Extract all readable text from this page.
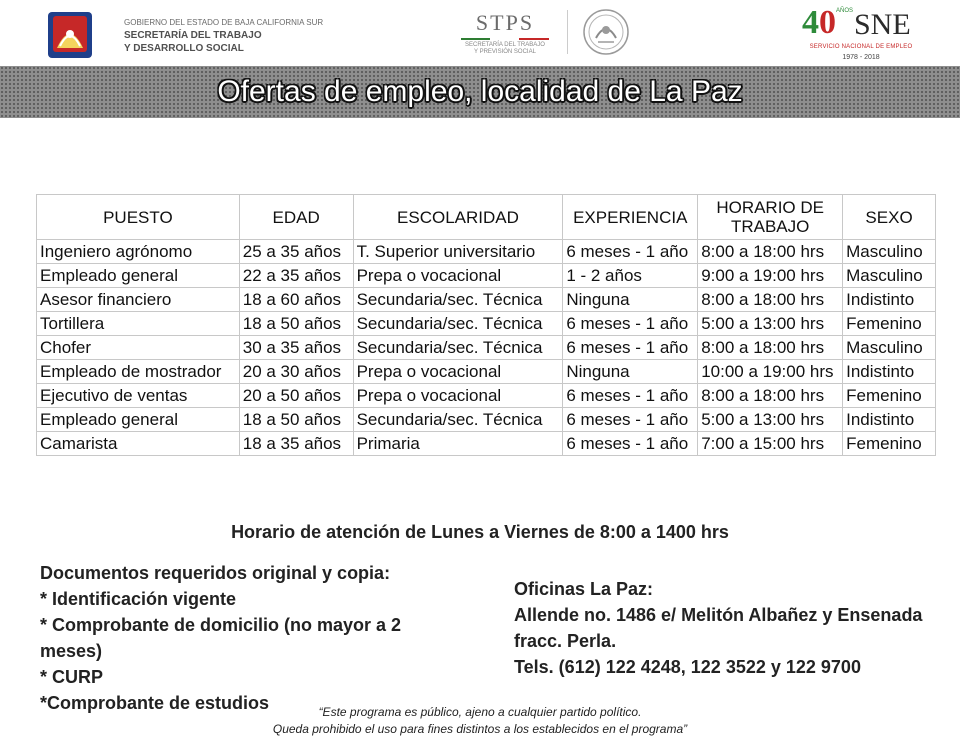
GOBIERNO DEL ESTADO DE BAJA CALIFORNIA SUR
SECRETARÍA DEL TRABAJO
Y DESARROLLO SOCIAL
STPS
SECRETARÍA DEL TRABAJO
Y PREVISIÓN SOCIAL
40 AÑOS SNE
SERVICIO NACIONAL DE EMPLEO
1978 - 2018
Ofertas de empleo, localidad de La Paz
PUESTO	EDAD	ESCOLARIDAD	EXPERIENCIA	HORARIO DE TRABAJO	SEXO
Ingeniero agrónomo	25 a 35 años	T. Superior universitario	6 meses - 1 año	8:00 a 18:00 hrs	Masculino
Empleado general	22 a 35 años	Prepa o vocacional	1 - 2 años	9:00 a 19:00 hrs	Masculino
Asesor financiero	18 a 60 años	Secundaria/sec. Técnica	Ninguna	8:00 a 18:00 hrs	Indistinto
Tortillera	18 a 50 años	Secundaria/sec. Técnica	6 meses - 1 año	5:00 a 13:00 hrs	Femenino
Chofer	30 a 35 años	Secundaria/sec. Técnica	6 meses - 1 año	8:00 a 18:00 hrs	Masculino
Empleado de mostrador	20 a 30 años	Prepa o vocacional	Ninguna	10:00 a 19:00 hrs	Indistinto
Ejecutivo de ventas	20 a 50 años	Prepa o vocacional	6 meses - 1 año	8:00 a 18:00 hrs	Femenino
Empleado general	18 a 50 años	Secundaria/sec. Técnica	6 meses - 1 año	5:00 a 13:00 hrs	Indistinto
Camarista	18 a 35 años	Primaria	6 meses - 1 año	7:00 a 15:00 hrs	Femenino
Horario de atención de Lunes a Viernes de 8:00 a 1400 hrs
Documentos requeridos original y copia:
* Identificación vigente
* Comprobante de domicilio (no mayor a 2 meses)
* CURP
*Comprobante de estudios
Oficinas La Paz:
Allende no. 1486 e/ Melitón Albañez y Ensenada fracc. Perla.
Tels. (612) 122 4248, 122 3522 y 122 9700
“Este programa es público, ajeno a cualquier partido político.
Queda prohibido el uso para fines distintos a los establecidos en el programa”
